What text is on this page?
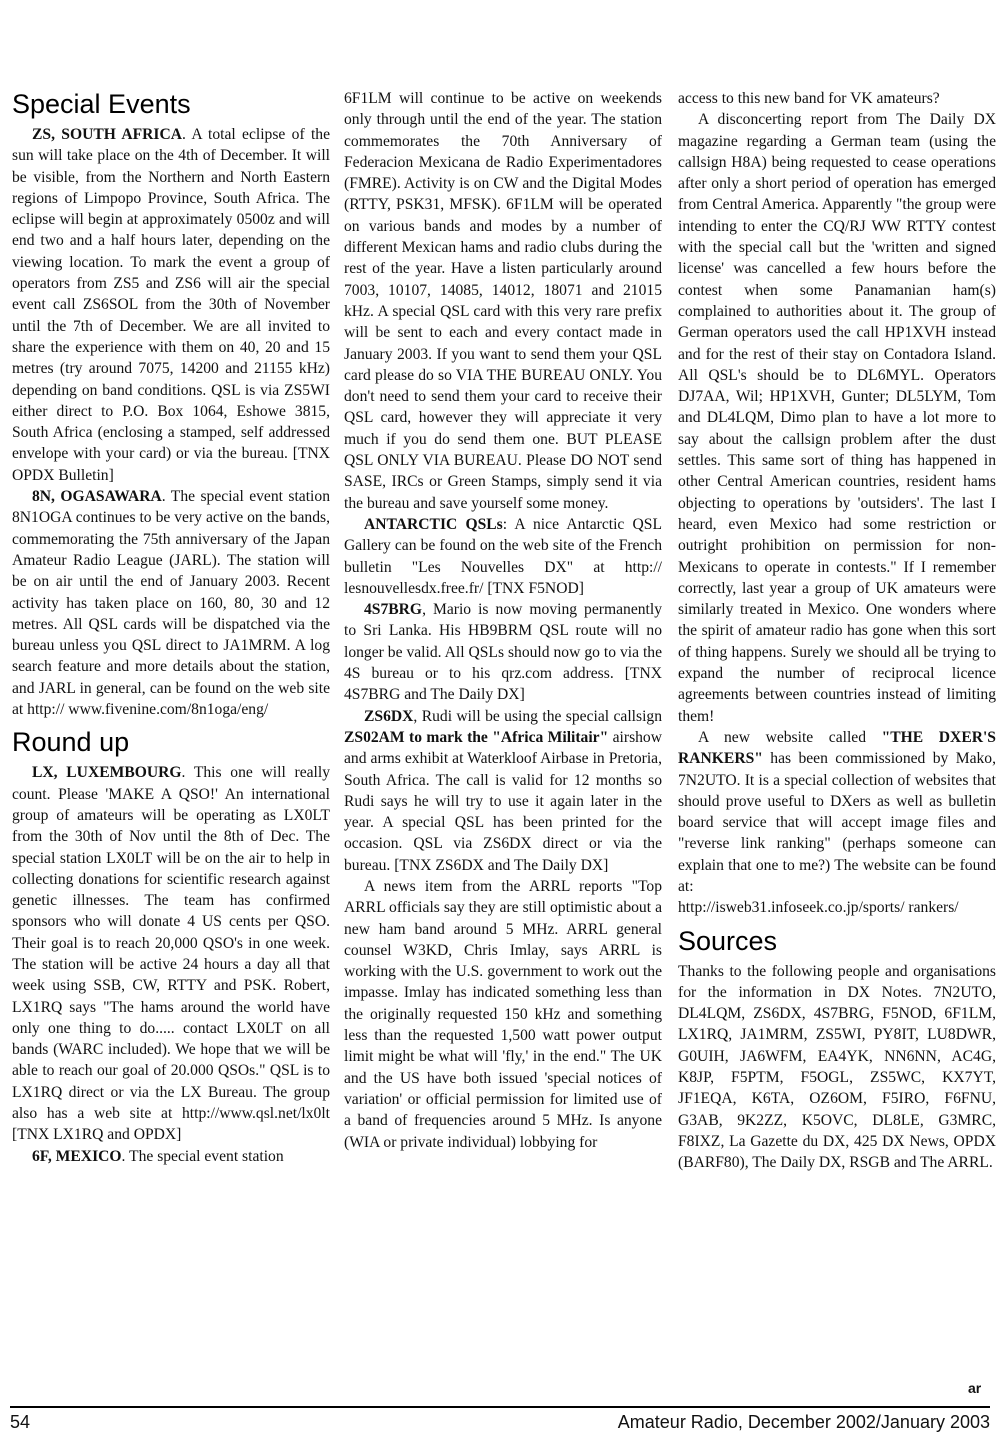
Special Events

ZS, SOUTH AFRICA. A total eclipse of the sun will take place on the 4th of December. It will be visible, from the Northern and North Eastern regions of Limpopo Province, South Africa. The eclipse will begin at approximately 0500z and will end two and a half hours later, depending on the viewing location. To mark the event a group of operators from ZS5 and ZS6 will air the special event call ZS6SOL from the 30th of November until the 7th of December. We are all invited to share the experience with them on 40, 20 and 15 metres (try around 7075, 14200 and 21155 kHz) depending on band conditions. QSL is via ZS5WI either direct to P.O. Box 1064, Eshowe 3815, South Africa (enclosing a stamped, self addressed envelope with your card) or via the bureau. [TNX OPDX Bulletin]

8N, OGASAWARA. The special event station 8N1OGA continues to be very active on the bands, commemorating the 75th anniversary of the Japan Amateur Radio League (JARL). The station will be on air until the end of January 2003. Recent activity has taken place on 160, 80, 30 and 12 metres. All QSL cards will be dispatched via the bureau unless you QSL direct to JA1MRM. A log search feature and more details about the station, and JARL in general, can be found on the web site at http:// www.fivenine.com/8n1oga/eng/

Round up

LX, LUXEMBOURG. This one will really count. Please 'MAKE A QSO!' An international group of amateurs will be operating as LX0LT from the 30th of Nov until the 8th of Dec. The special station LX0LT will be on the air to help in collecting donations for scientific research against genetic illnesses. The team has confirmed sponsors who will donate 4 US cents per QSO. Their goal is to reach 20,000 QSO's in one week. The station will be active 24 hours a day all that week using SSB, CW, RTTY and PSK. Robert, LX1RQ says "The hams around the world have only one thing to do..... contact LX0LT on all bands (WARC included). We hope that we will be able to reach our goal of 20.000 QSOs." QSL is to LX1RQ direct or via the LX Bureau. The group also has a web site at http://www.qsl.net/lx0lt [TNX LX1RQ and OPDX]

6F, MEXICO. The special event station

6F1LM will continue to be active on weekends only through until the end of the year. The station commemorates the 70th Anniversary of Federacion Mexicana de Radio Experimentadores (FMRE). Activity is on CW and the Digital Modes (RTTY, PSK31, MFSK). 6F1LM will be operated on various bands and modes by a number of different Mexican hams and radio clubs during the rest of the year. Have a listen particularly around 7003, 10107, 14085, 14012, 18071 and 21015 kHz. A special QSL card with this very rare prefix will be sent to each and every contact made in January 2003. If you want to send them your QSL card please do so VIA THE BUREAU ONLY. You don't need to send them your card to receive their QSL card, however they will appreciate it very much if you do send them one. BUT PLEASE QSL ONLY VIA BUREAU. Please DO NOT send SASE, IRCs or Green Stamps, simply send it via the bureau and save yourself some money.

ANTARCTIC QSLs: A nice Antarctic QSL Gallery can be found on the web site of the French bulletin "Les Nouvelles DX" at http:// lesnouvellesdx.free.fr/ [TNX F5NOD]

4S7BRG, Mario is now moving permanently to Sri Lanka. His HB9BRM QSL route will no longer be valid. All QSLs should now go to via the 4S bureau or to his qrz.com address. [TNX 4S7BRG and The Daily DX]

ZS6DX, Rudi will be using the special callsign ZS02AM to mark the "Africa Militair" airshow and arms exhibit at Waterkloof Airbase in Pretoria, South Africa. The call is valid for 12 months so Rudi says he will try to use it again later in the year. A special QSL has been printed for the occasion. QSL via ZS6DX direct or via the bureau. [TNX ZS6DX and The Daily DX]

A news item from the ARRL reports "Top ARRL officials say they are still optimistic about a new ham band around 5 MHz. ARRL general counsel W3KD, Chris Imlay, says ARRL is working with the U.S. government to work out the impasse. Imlay has indicated something less than the originally requested 150 kHz and something less than the requested 1,500 watt power output limit might be what will 'fly,' in the end." The UK and the US have both issued 'special notices of variation' or official permission for limited use of a band of frequencies around 5 MHz. Is anyone (WIA or private individual) lobbying for

access to this new band for VK amateurs?

A disconcerting report from The Daily DX magazine regarding a German team (using the callsign H8A) being requested to cease operations after only a short period of operation has emerged from Central America. Apparently "the group were intending to enter the CQ/RJ WW RTTY contest with the special call but the 'written and signed license' was cancelled a few hours before the contest when some Panamanian ham(s) complained to authorities about it. The group of German operators used the call HP1XVH instead and for the rest of their stay on Contadora Island. All QSL's should be to DL6MYL. Operators DJ7AA, Wil; HP1XVH, Gunter; DL5LYM, Tom and DL4LQM, Dimo plan to have a lot more to say about the callsign problem after the dust settles. This same sort of thing has happened in other Central American countries, resident hams objecting to operations by 'outsiders'. The last I heard, even Mexico had some restriction or outright prohibition on permission for non-Mexicans to operate in contests." If I remember correctly, last year a group of UK amateurs were similarly treated in Mexico. One wonders where the spirit of amateur radio has gone when this sort of thing happens. Surely we should all be trying to expand the number of reciprocal licence agreements between countries instead of limiting them!

A new website called "THE DXER'S RANKERS" has been commissioned by Mako, 7N2UTO. It is a special collection of websites that should prove useful to DXers as well as bulletin board service that will accept image files and "reverse link ranking" (perhaps someone can explain that one to me?) The website can be found at:

http://isweb31.infoseek.co.jp/sports/ rankers/

Sources

Thanks to the following people and organisations for the information in DX Notes. 7N2UTO, DL4LQM, ZS6DX, 4S7BRG, F5NOD, 6F1LM, LX1RQ, JA1MRM, ZS5WI, PY8IT, LU8DWR, G0UIH, JA6WFM, EA4YK, NN6NN, AC4G, K8JP, F5PTM, F5OGL, ZS5WC, KX7YT, JF1EQA, K6TA, OZ6OM, F5IRO, F6FNU, G3AB, 9K2ZZ, K5OVC, DL8LE, G3MRC, F8IXZ, La Gazette du DX, 425 DX News, OPDX (BARF80), The Daily DX, RSGB and The ARRL.

ar
54	Amateur Radio, December 2002/January 2003
